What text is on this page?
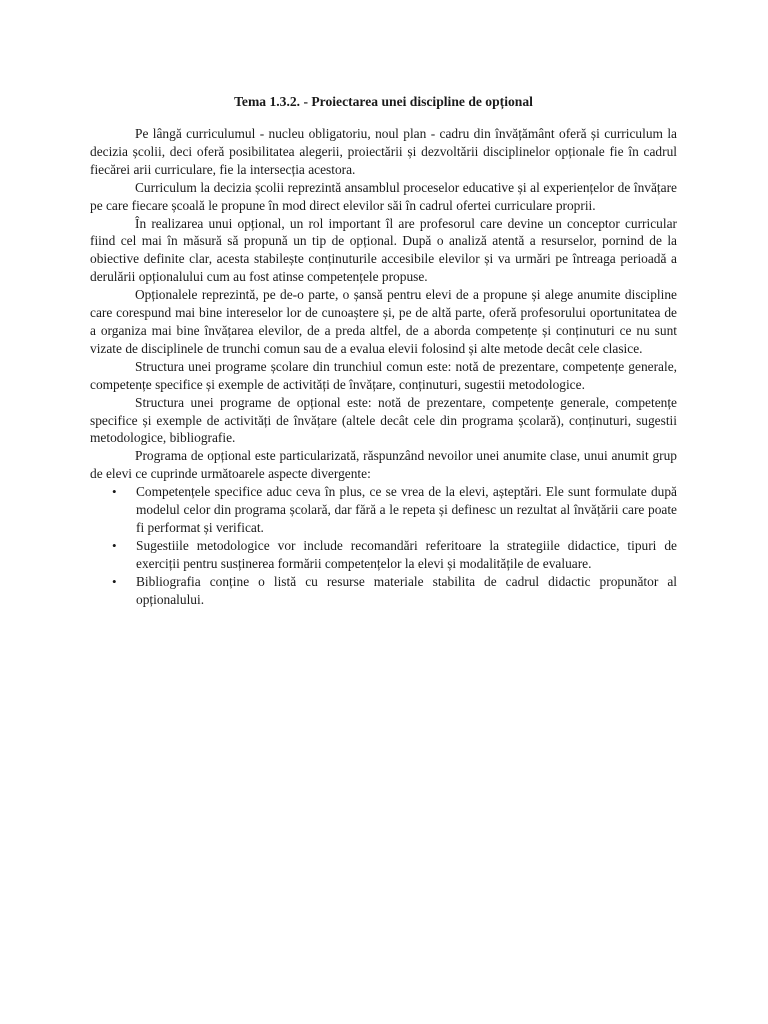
Tema 1.3.2. - Proiectarea unei discipline de opțional

Pe lângă curriculumul - nucleu obligatoriu, noul plan - cadru din învățământ oferă și curriculum la decizia școlii, deci oferă posibilitatea alegerii, proiectării și dezvoltării disciplinelor opționale fie în cadrul fiecărei arii curriculare, fie la intersecția acestora.

Curriculum la decizia școlii reprezintă ansamblul proceselor educative și al experiențelor de învățare pe care fiecare școală le propune în mod direct elevilor săi în cadrul ofertei curriculare proprii.

În realizarea unui opțional, un rol important îl are profesorul care devine un conceptor curricular fiind cel mai în măsură să propună un tip de opțional. După o analiză atentă a resurselor, pornind de la obiective definite clar, acesta stabilește conținuturile accesibile elevilor și va urmări pe întreaga perioadă a derulării opționalului cum au fost atinse competențele propuse.

Opționalele reprezintă, pe de-o parte, o șansă pentru elevi de a propune și alege anumite discipline care corespund mai bine intereselor lor de cunoaștere și, pe de altă parte, oferă profesorului oportunitatea de a organiza mai bine învățarea elevilor, de a preda altfel, de a aborda competențe și conținuturi ce nu sunt vizate de disciplinele de trunchi comun sau de a evalua elevii folosind și alte metode decât cele clasice.

Structura unei programe școlare din trunchiul comun este: notă de prezentare, competențe generale, competențe specifice și exemple de activități de învățare, conținuturi, sugestii metodologice.

Structura unei programe de opțional este: notă de prezentare, competențe generale, competențe specifice și exemple de activități de învățare (altele decât cele din programa școlară), conținuturi, sugestii metodologice, bibliografie.

Programa de opțional este particularizată, răspunzând nevoilor unei anumite clase, unui anumit grup de elevi ce cuprinde următoarele aspecte divergente:

• Competențele specifice aduc ceva în plus, ce se vrea de la elevi, așteptări. Ele sunt formulate după modelul celor din programa școlară, dar fără a le repeta și definesc un rezultat al învățării care poate fi performat și verificat.
• Sugestiile metodologice vor include recomandări referitoare la strategiile didactice, tipuri de exerciții pentru susținerea formării competențelor la elevi și modalitățile de evaluare.
• Bibliografia conține o listă cu resurse materiale stabilita de cadrul didactic propunător al opționalului.
